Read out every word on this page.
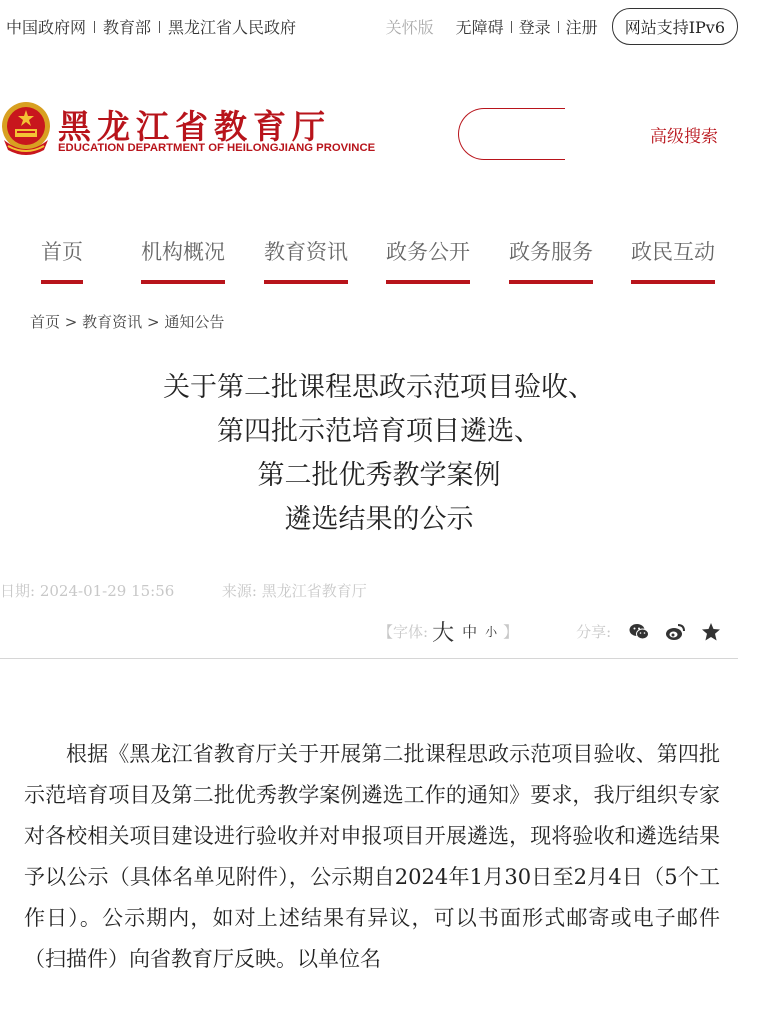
中国政府网 教育部 黑龙江省人民政府	关怀版 无障碍 登录 注册	网站支持IPv6
黑龙江省教育厅
EDUCATION DEPARTMENT OF HEILONGJIANG PROVINCE
高级搜索
首页	机构概况 教育资讯 政务公开 政务服务 政民互动
首页 > 教育资讯 > 通知公告
关于第二批课程思政示范项目验收、
第四批示范培育项目遴选、
第二批优秀教学案例
遴选结果的公示
日期: 2024-01-29 15:56	来源: 黑龙江省教育厅
【字体: 大 中 小 】	分享:
根据《黑龙江省教育厅关于开展第二批课程思政示范项目验收、第四批示范培育项目及第二批优秀教学案例遴选工作的通知》要求，我厅组织专家对各校相关项目建设进行验收并对申报项目开展遴选，现将验收和遴选结果予以公示（具体名单见附件），公示期自2024年1月30日至2月4日（5个工作日）。公示期内，如对上述结果有异议，可以书面形式邮寄或电子邮件（扫描件）向省教育厅反映。以单位名
